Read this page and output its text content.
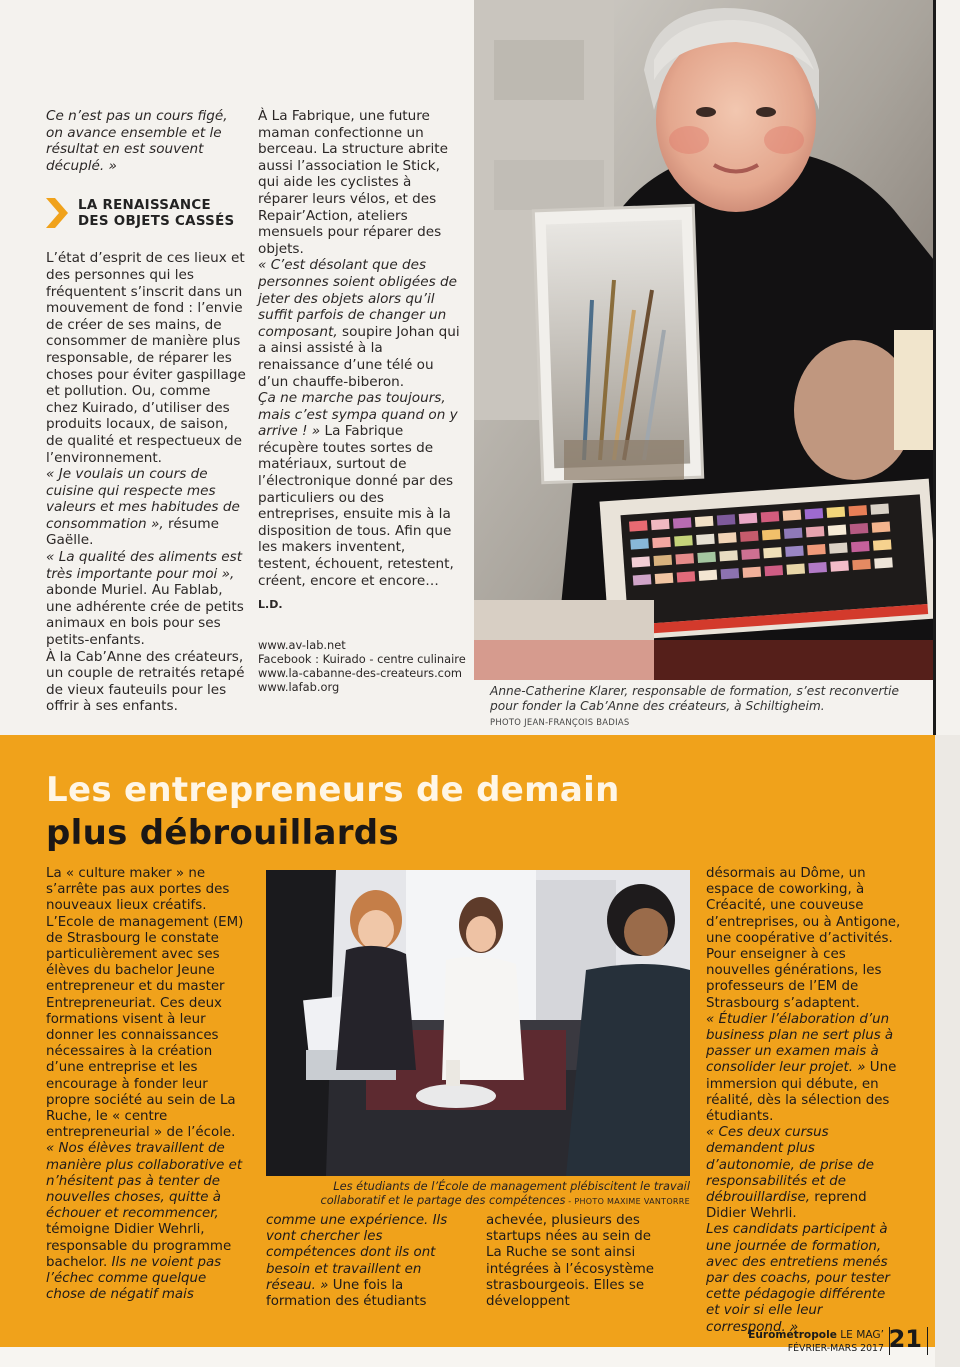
Ce n’est pas un cours figé, on avance ensemble et le résultat en est souvent décuplé. »

LA RENAISSANCE
DES OBJETS CASSÉS

L’état d’esprit de ces lieux et des personnes qui les fréquentent s’inscrit dans un mouvement de fond : l’envie de créer de ses mains, de consommer de manière plus responsable, de réparer les choses pour éviter gaspillage et pollution. Ou, comme chez Kuirado, d’utiliser des produits locaux, de saison, de qualité et respectueux de l’environnement.

« Je voulais un cours de cuisine qui respecte mes valeurs et mes habitudes de consommation », résume Gaëlle.

« La qualité des aliments est très importante pour moi », abonde Muriel. Au Fablab, une adhérente crée de petits animaux en bois pour ses petits-enfants.

À la Cab’Anne des créateurs, un couple de retraités retapé de vieux fauteuils pour les offrir à ses enfants.

À La Fabrique, une future maman confectionne un berceau. La structure abrite aussi l’association le Stick, qui aide les cyclistes à réparer leurs vélos, et des Repair’Action, ateliers mensuels pour réparer des objets.

« C’est désolant que des personnes soient obligées de jeter des objets alors qu’il suffit parfois de changer un composant, soupire Johan qui a ainsi assisté à la renaissance d’une télé ou d’un chauffe-biberon.

Ça ne marche pas toujours, mais c’est sympa quand on y arrive ! » La Fabrique récupère toutes sortes de matériaux, surtout de l’électronique donné par des particuliers ou des entreprises, ensuite mis à la disposition de tous. Afin que les makers inventent, testent, échouent, retestent, créent, encore et encore…

L.D.
www.av-lab.net
Facebook : Kuirado - centre culinaire
www.la-cabanne-des-createurs.com
www.lafab.org	Anne-Catherine Klarer, responsable de formation, s’est reconvertie pour fonder la Cab’Anne des créateurs, à Schiltigheim.
PHOTO JEAN-FRANÇOIS BADIAS
Les entrepreneurs de demain
plus débrouillards

La « culture maker » ne s’arrête pas aux portes des nouveaux lieux créatifs. L’Ecole de management (EM) de Strasbourg le constate particulièrement avec ses élèves du bachelor Jeune entrepreneur et du master Entrepreneuriat. Ces deux formations visent à leur donner les connaissances nécessaires à la création d’une entreprise et les encourage à fonder leur propre société au sein de La Ruche, le « centre entrepreneurial » de l’école.

« Nos élèves travaillent de manière plus collaborative et n’hésitent pas à tenter de nouvelles choses, quitte à échouer et recommencer, témoigne Didier Wehrli, responsable du programme bachelor. Ils ne voient pas l’échec comme quelque chose de négatif mais

comme une expérience. Ils vont chercher les compétences dont ils ont besoin et travaillent en réseau. » Une fois la formation des étudiants

achevée, plusieurs des startups nées au sein de La Ruche se sont ainsi intégrées à l’écosystème strasbourgeois. Elles se développent

désormais au Dôme, un espace de coworking, à Créacité, une couveuse d’entreprises, ou à Antigone, une coopérative d’activités. Pour enseigner à ces nouvelles générations, les professeurs de l’EM de Strasbourg s’adaptent.

« Étudier l’élaboration d’un business plan ne sert plus à passer un examen mais à consolider leur projet. » Une immersion qui débute, en réalité, dès la sélection des étudiants.

« Ces deux cursus demandent plus d’autonomie, de prise de responsabilités et de débrouillardise, reprend Didier Wehrli.

Les candidats participent à une journée de formation, avec des entretiens menés par des coachs, pour tester cette pédagogie différente et voir si elle leur correspond. »

Les étudiants de l’École de management plébiscitent le travail collaboratif et le partage des compétences - PHOTO MAXIME VANTORRE
Eurométropole LE MAG’
FÉVRIER-MARS 2017 21
